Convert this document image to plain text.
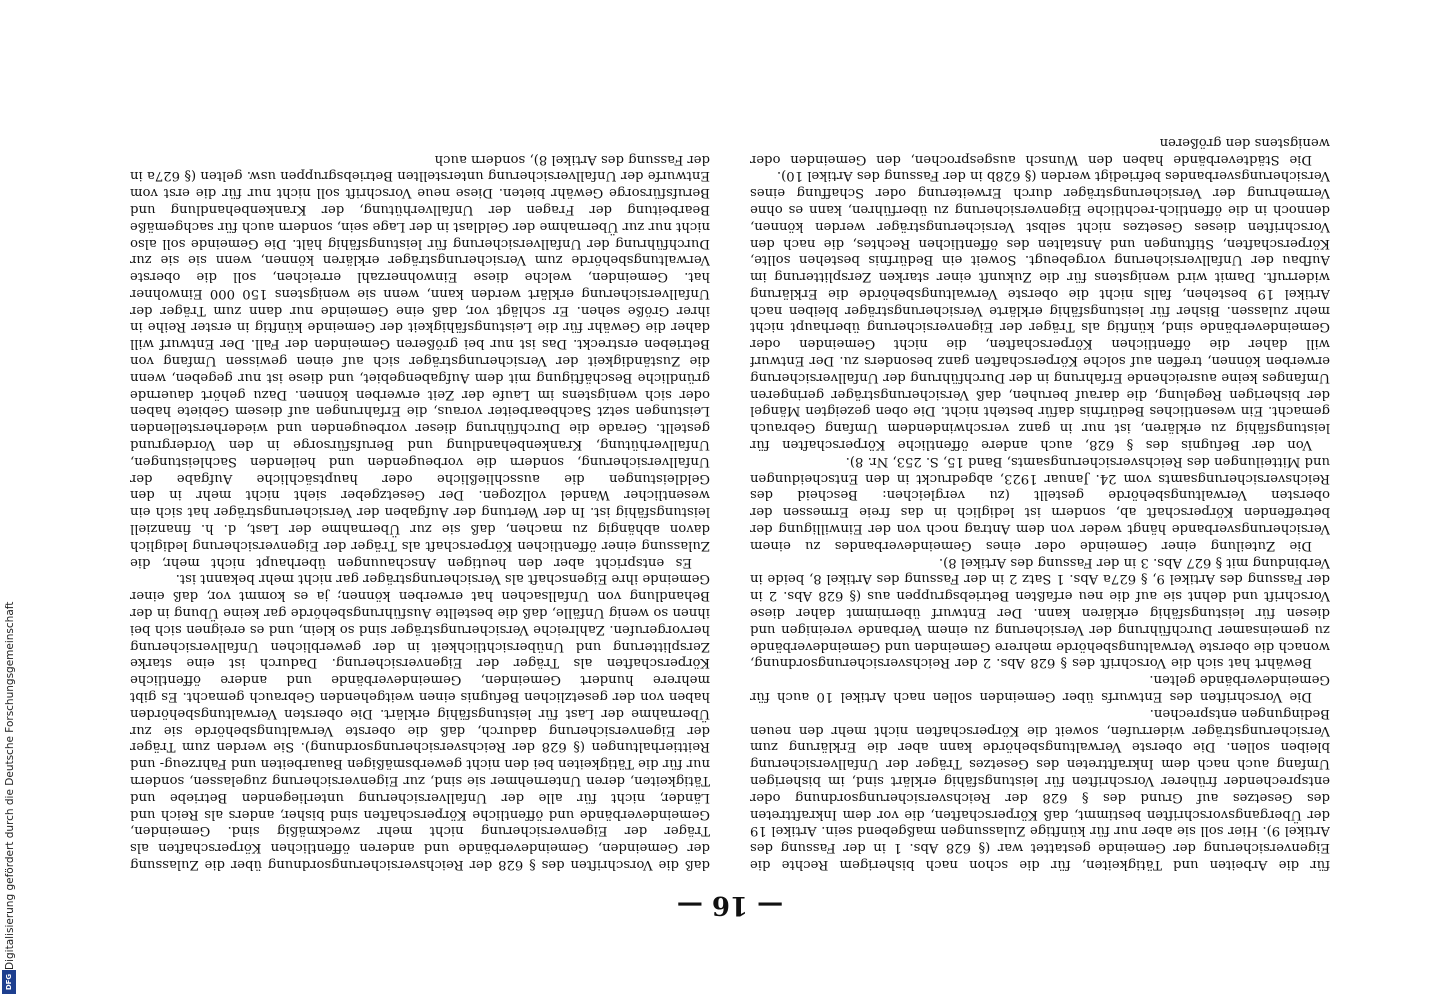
— 16 —

für die Arbeiten und Tätigkeiten, für die schon nach bisherigem Rechte die Eigenversicherung der Gemeinde gestattet war (§ 628 Abs. 1 in der Fassung des Artikel 9). Hier soll sie aber nur für künftige Zulassungen maßgebend sein. Artikel 19 der Übergangsvorschriften bestimmt, daß Körperschaften, die vor dem Inkrafttreten des Gesetzes auf Grund des § 628 der Reichsversicherungsordnung oder entsprechender früherer Vorschriften für leistungsfähig erklärt sind, im bisherigen Umfang auch nach dem Inkrafttreten des Gesetzes Träger der Unfallversicherung bleiben sollen. Die oberste Verwaltungsbehörde kann aber die Erklärung zum Versicherungsträger widerrufen, soweit die Körperschaften nicht mehr den neuen Bedingungen entsprechen.

Die Vorschriften des Entwurfs über Gemeinden sollen nach Artikel 10 auch für Gemeindeverbände gelten.

Bewährt hat sich die Vorschrift des § 628 Abs. 2 der Reichsversicherungsordnung, wonach die oberste Verwaltungsbehörde mehrere Gemeinden und Gemeindeverbände zu gemeinsamer Durchführung der Versicherung zu einem Verbande vereinigen und diesen für leistungsfähig erklären kann. Der Entwurf übernimmt daher diese Vorschrift und dehnt sie auf die neu erfaßten Betriebsgruppen aus (§ 628 Abs. 2 in der Fassung des Artikel 9, § 627a Abs. 1 Satz 2 in der Fassung des Artikel 8, beide in Verbindung mit § 627 Abs. 3 in der Fassung des Artikel 8).

Die Zuteilung einer Gemeinde oder eines Gemeindeverbandes zu einem Versicherungsverbande hängt weder von dem Antrag noch von der Einwilligung der betreffenden Körperschaft ab, sondern ist lediglich in das freie Ermessen der obersten Verwaltungsbehörde gestellt (zu vergleichen: Bescheid des Reichsversicherungsamts vom 24. Januar 1923, abgedruckt in den Entscheidungen und Mitteilungen des Reichsversicherungsamts, Band 15, S. 253, Nr. 8).

Von der Befugnis des § 628, auch andere öffentliche Körperschaften für leistungsfähig zu erklären, ist nur in ganz verschwindendem Umfang Gebrauch gemacht. Ein wesentliches Bedürfnis dafür besteht nicht. Die oben gezeigten Mängel der bisherigen Regelung, die darauf beruhen, daß Versicherungsträger geringeren Umfanges keine ausreichende Erfahrung in der Durchführung der Unfallversicherung erwerben können, treffen auf solche Körperschaften ganz besonders zu. Der Entwurf will daher die öffentlichen Körperschaften, die nicht Gemeinden oder Gemeindeverbände sind, künftig als Träger der Eigenversicherung überhaupt nicht mehr zulassen. Bisher für leistungsfähig erklärte Versicherungsträger bleiben nach Artikel 19 bestehen, falls nicht die oberste Verwaltungsbehörde die Erklärung widerruft. Damit wird wenigstens für die Zukunft einer starken Zersplitterung im Aufbau der Unfallversicherung vorgebeugt. Soweit ein Bedürfnis bestehen sollte, Körperschaften, Stiftungen und Anstalten des öffentlichen Rechtes, die nach den Vorschriften dieses Gesetzes nicht selbst Versicherungsträger werden können, dennoch in die öffentlich-rechtliche Eigenversicherung zu überführen, kann es ohne Vermehrung der Versicherungsträger durch Erweiterung oder Schaffung eines Versicherungsverbandes befriedigt werden (§ 628b in der Fassung des Artikel 10).

Die Städteverbände haben den Wunsch ausgesprochen, den Gemeinden oder wenigstens den größeren

daß die Vorschriften des § 628 der Reichsversicherungsordnung über die Zulassung der Gemeinden, Gemeindeverbände und anderen öffentlichen Körperschaften als Träger der Eigenversicherung nicht mehr zweckmäßig sind. Gemeinden, Gemeindeverbände und öffentliche Körperschaften sind bisher, anders als Reich und Länder, nicht für alle der Unfallversicherung unterliegenden Betriebe und Tätigkeiten, deren Unternehmer sie sind, zur Eigenversicherung zugelassen, sondern nur für die Tätigkeiten bei den nicht gewerbsmäßigen Bauarbeiten und Fahrzeug- und Reittierhaltungen (§ 628 der Reichsversicherungsordnung). Sie werden zum Träger der Eigenversicherung dadurch, daß die oberste Verwaltungsbehörde sie zur Übernahme der Last für leistungsfähig erklärt. Die obersten Verwaltungsbehörden haben von der gesetzlichen Befugnis einen weitgehenden Gebrauch gemacht. Es gibt mehrere hundert Gemeinden, Gemeindeverbände und andere öffentliche Körperschaften als Träger der Eigenversicherung. Dadurch ist eine starke Zersplitterung und Unübersichtlichkeit in der gewerblichen Unfallversicherung hervorgerufen. Zahlreiche Versicherungsträger sind so klein, und es ereignen sich bei ihnen so wenig Unfälle, daß die bestellte Ausführungsbehörde gar keine Übung in der Behandlung von Unfallsachen hat erwerben können; ja es kommt vor, daß einer Gemeinde ihre Eigenschaft als Versicherungsträger gar nicht mehr bekannt ist.

Es entspricht aber den heutigen Anschauungen überhaupt nicht mehr, die Zulassung einer öffentlichen Körperschaft als Träger der Eigenversicherung lediglich davon abhängig zu machen, daß sie zur Übernahme der Last, d. h. finanziell leistungsfähig ist. In der Wertung der Aufgaben der Versicherungsträger hat sich ein wesentlicher Wandel vollzogen. Der Gesetzgeber sieht nicht mehr in den Geldleistungen die ausschließliche oder hauptsächliche Aufgabe der Unfallversicherung, sondern die vorbeugenden und heilenden Sachleistungen, Unfallverhütung, Krankenbehandlung und Berufsfürsorge in den Vordergrund gestellt. Gerade die Durchführung dieser vorbeugenden und wiederherstellenden Leistungen setzt Sachbearbeiter voraus, die Erfahrungen auf diesem Gebiete haben oder sich wenigstens im Laufe der Zeit erwerben können. Dazu gehört dauernde gründliche Beschäftigung mit dem Aufgabengebiet, und diese ist nur gegeben, wenn die Zuständigkeit der Versicherungsträger sich auf einen gewissen Umfang von Betrieben erstreckt. Das ist nur bei größeren Gemeinden der Fall. Der Entwurf will daher die Gewähr für die Leistungsfähigkeit der Gemeinde künftig in erster Reihe in ihrer Größe sehen. Er schlägt vor, daß eine Gemeinde nur dann zum Träger der Unfallversicherung erklärt werden kann, wenn sie wenigstens 150 000 Einwohner hat. Gemeinden, welche diese Einwohnerzahl erreichen, soll die oberste Verwaltungsbehörde zum Versicherungsträger erklären können, wenn sie sie zur Durchführung der Unfallversicherung für leistungsfähig hält. Die Gemeinde soll also nicht nur zur Übernahme der Geldlast in der Lage sein, sondern auch für sachgemäße Bearbeitung der Fragen der Unfallverhütung, der Krankenbehandlung und Berufsfürsorge Gewähr bieten. Diese neue Vorschrift soll nicht nur für die erst vom Entwurfe der Unfallversicherung unterstellten Betriebsgruppen usw. gelten (§ 627a in der Fassung des Artikel 8), sondern auch

Digitalisierung gefördert durch die Deutsche Forschungsgemeinschaft
DFG
